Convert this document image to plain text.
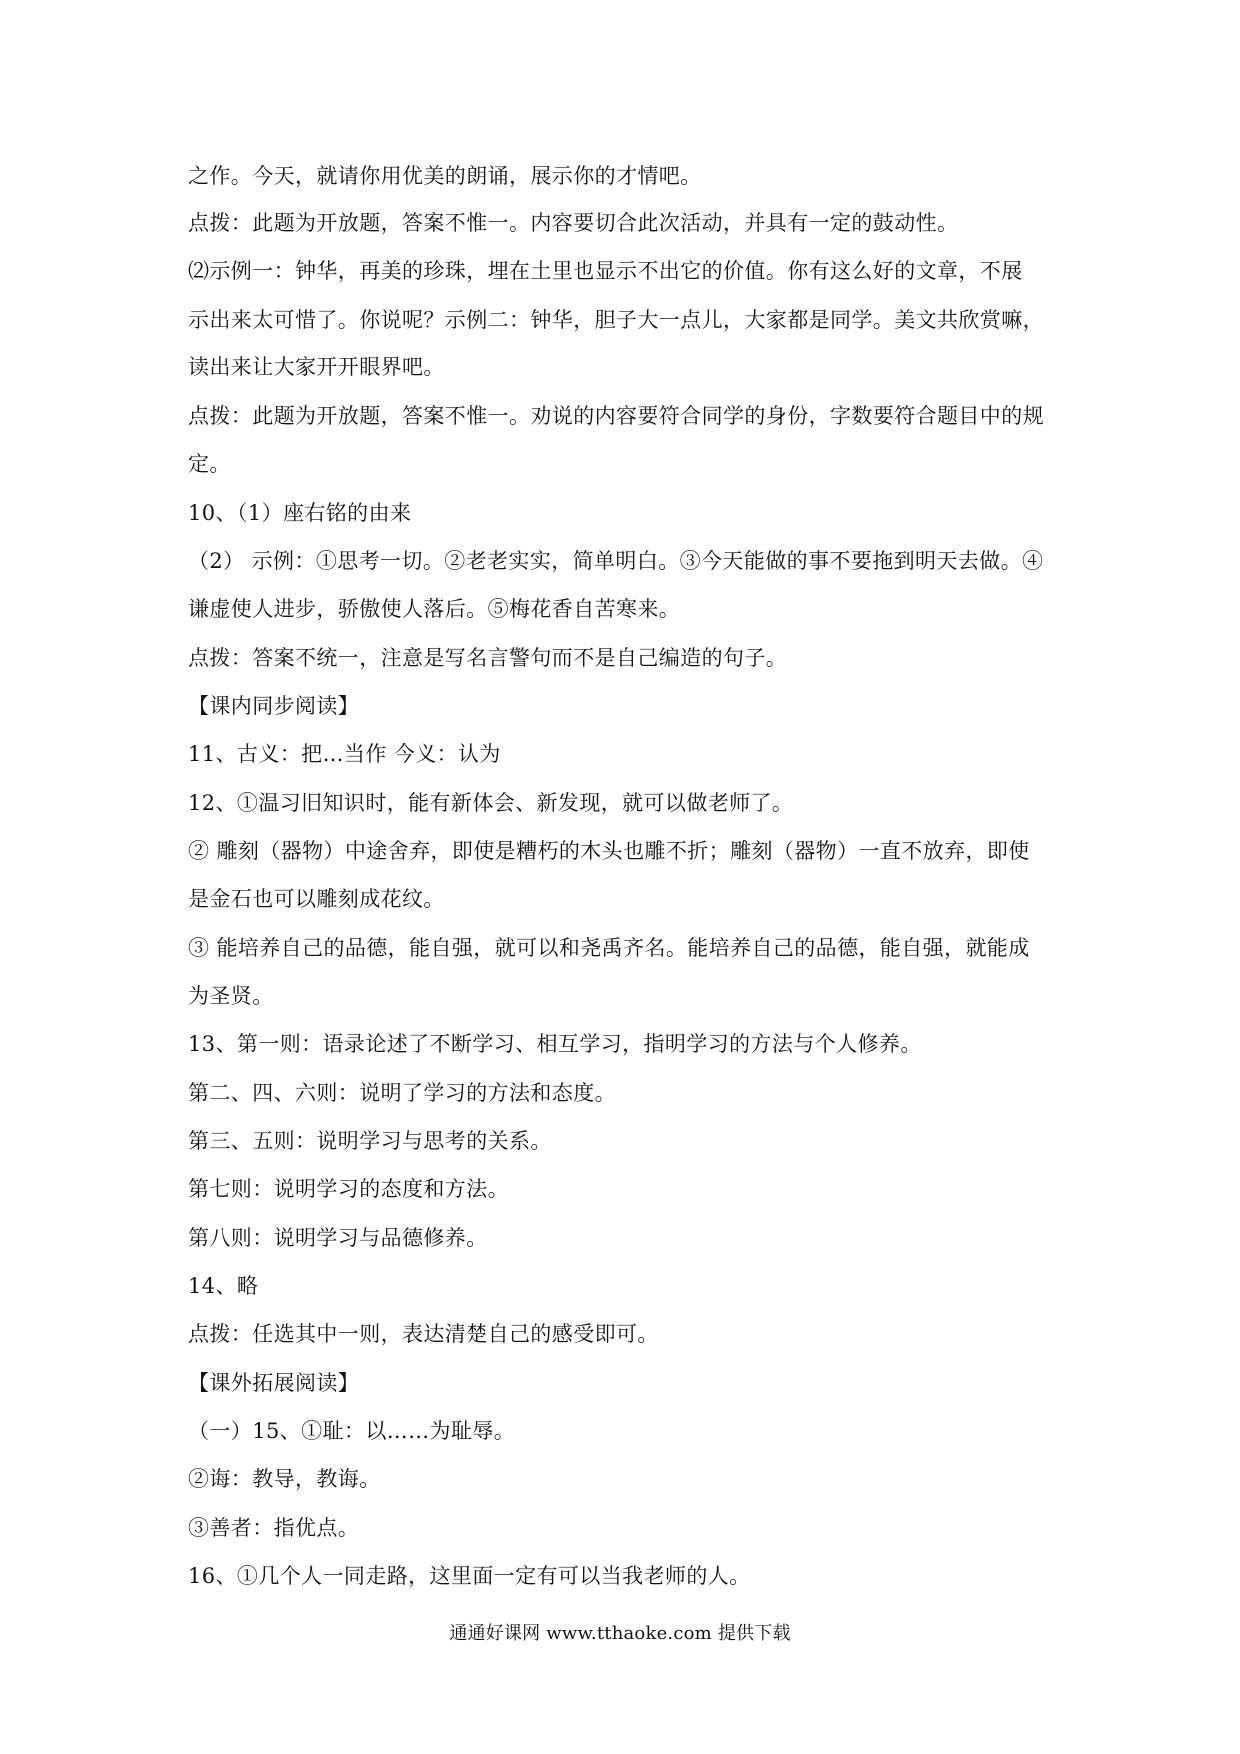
之作。今天，就请你用优美的朗诵，展示你的才情吧。
点拨：此题为开放题，答案不惟一。内容要切合此次活动，并具有一定的鼓动性。
⑵示例一：钟华，再美的珍珠，埋在土里也显示不出它的价值。你有这么好的文章，不展
示出来太可惜了。你说呢？示例二：钟华，胆子大一点儿，大家都是同学。美文共欣赏嘛，
读出来让大家开开眼界吧。
点拨：此题为开放题，答案不惟一。劝说的内容要符合同学的身份，字数要符合题目中的规
定。
10、（1）座右铭的由来
（2） 示例：①思考一切。②老老实实，简单明白。③今天能做的事不要拖到明天去做。④
谦虚使人进步，骄傲使人落后。⑤梅花香自苦寒来。
点拨：答案不统一，注意是写名言警句而不是自己编造的句子。
【课内同步阅读】
11、古义：把…当作 今义：认为
12、①温习旧知识时，能有新体会、新发现，就可以做老师了。
② 雕刻（器物）中途舍弃，即使是糟朽的木头也雕不折；雕刻（器物）一直不放弃，即使
是金石也可以雕刻成花纹。
③ 能培养自己的品德，能自强，就可以和尧禹齐名。能培养自己的品德，能自强，就能成
为圣贤。
13、第一则：语录论述了不断学习、相互学习，指明学习的方法与个人修养。
第二、四、六则：说明了学习的方法和态度。
第三、五则：说明学习与思考的关系。
第七则：说明学习的态度和方法。
第八则：说明学习与品德修养。
14、略
点拨：任选其中一则，表达清楚自己的感受即可。
【课外拓展阅读】
（一）15、①耻：以……为耻辱。
②诲：教导，教诲。
③善者：指优点。
16、①几个人一同走路，这里面一定有可以当我老师的人。
通通好课网 www.tthaoke.com 提供下载
